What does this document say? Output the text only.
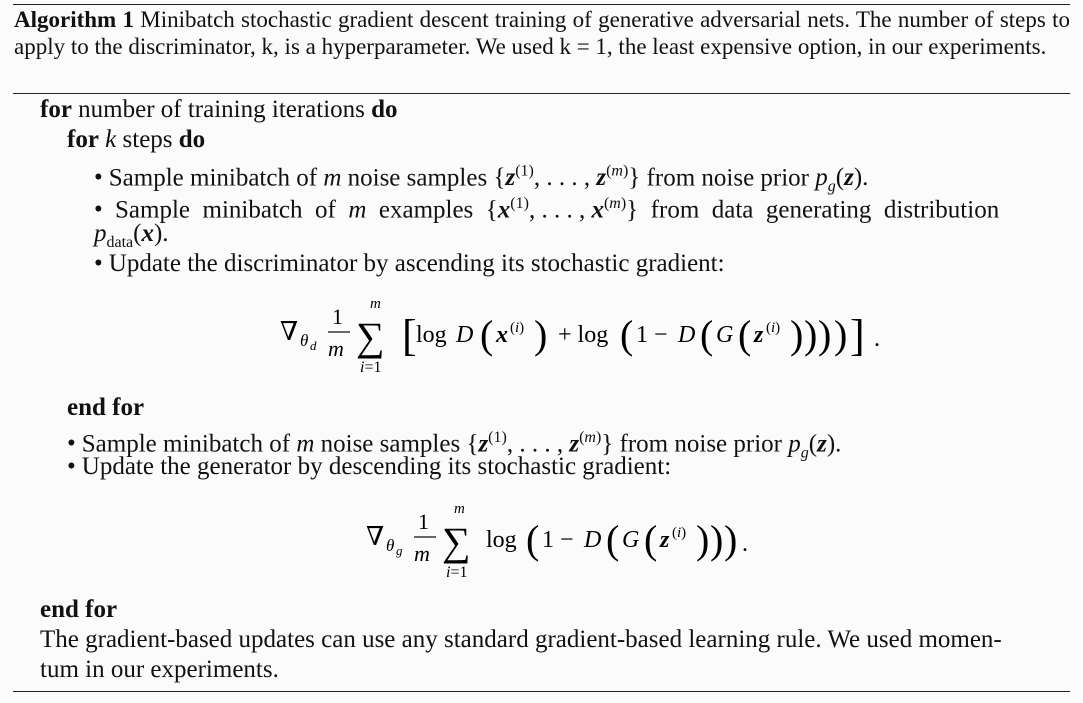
Algorithm 1 Minibatch stochastic gradient descent training of generative adversarial nets. The number of steps to apply to the discriminator, k, is a hyperparameter. We used k = 1, the least expensive option, in our experiments.
for number of training iterations do
for k steps do
• Sample minibatch of m noise samples {$z^{(1)}$, . . . , $z^{(m)}$} from noise prior $p_g(z)$.
• Sample  minibatch  of  m  examples  {$x^{(1)}$, . . . , $x^{(m)}$}  from  data  generating  distribution
$p_{data}(x)$.
• Update the discriminator by ascending its stochastic gradient:
∇ θ d
1
m
m
∑
i=1
[ log D ( x (i) ) + log ( 1 − D ( G ( z (i) ) ) ) ) ] .
end for
• Sample minibatch of m noise samples {$z^{(1)}$, . . . , $z^{(m)}$} from noise prior $p_g(z)$.
• Update the generator by descending its stochastic gradient:
∇ θ g
1
m
m
∑
i=1
log ( 1 − D ( G ( z (i) ) ) ) .
end for
The gradient-based updates can use any standard gradient-based learning rule. We used momen-
tum in our experiments.
